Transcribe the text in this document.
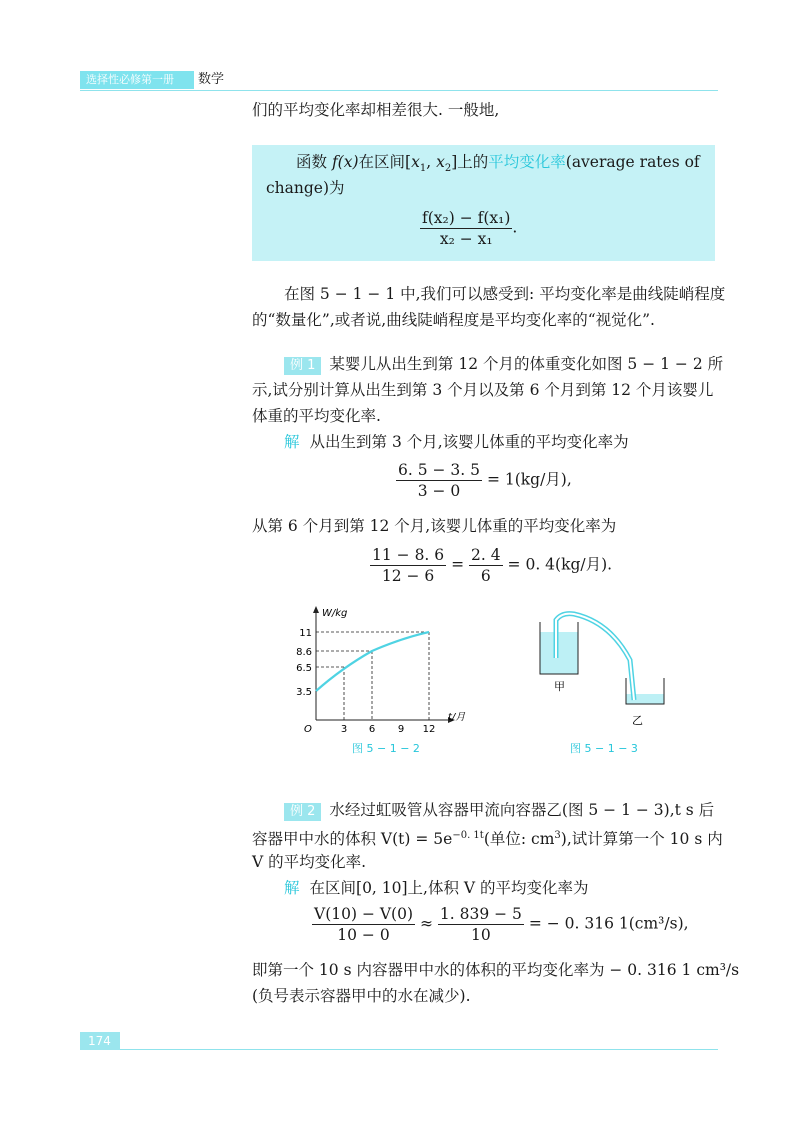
选择性必修第一册	数学
们的平均变化率却相差很大. 一般地,
函数 f(x)在区间[$x_1$, $x_2$]上的平均变化率(average rates of
change)为
$\frac{\text{f(x₂) − f(x₁)}}{\text{x₂ − x₁}}$ .
在图 5 − 1 − 1 中,我们可以感受到: 平均变化率是曲线陡峭程度
的“数量化”,或者说,曲线陡峭程度是平均变化率的“视觉化”.
例 1 某婴儿从出生到第 12 个月的体重变化如图 5 − 1 − 2 所
示,试分别计算从出生到第 3 个月以及第 6 个月到第 12 个月该婴儿
体重的平均变化率.
解 从出生到第 3 个月,该婴儿体重的平均变化率为
$\frac{6. 5 - 3. 5}{3 - 0} = 1(kg/$月),
从第 6 个月到第 12 个月,该婴儿体重的平均变化率为
$\frac{11 - 8. 6}{12 - 6} = \frac{2. 4}{6} = 0$. 4(kg/月).
W/kg
t/月
O
11
8.6
6.5
3.5
3 6 9 12
图 5 − 1 − 2
甲
乙
图 5 − 1 − 3
例 2 水经过虹吸管从容器甲流向容器乙(图 5 − 1 − 3),t s 后
容器甲中水的体积 $V(t) = 5e^{-0. 1t}$(单位: $cm^3$),试计算第一个 10 s 内
V 的平均变化率.
解 在区间[0, 10]上,体积 V 的平均变化率为
$\frac{V(10) - V(0)}{10 - 0} \approx \frac{1. 839 - 5}{10}$ = − 0. 316 1(cm³/s),
即第一个 10 s 内容器甲中水的体积的平均变化率为 − 0. 316 1 cm³/s
(负号表示容器甲中的水在减少).
174
